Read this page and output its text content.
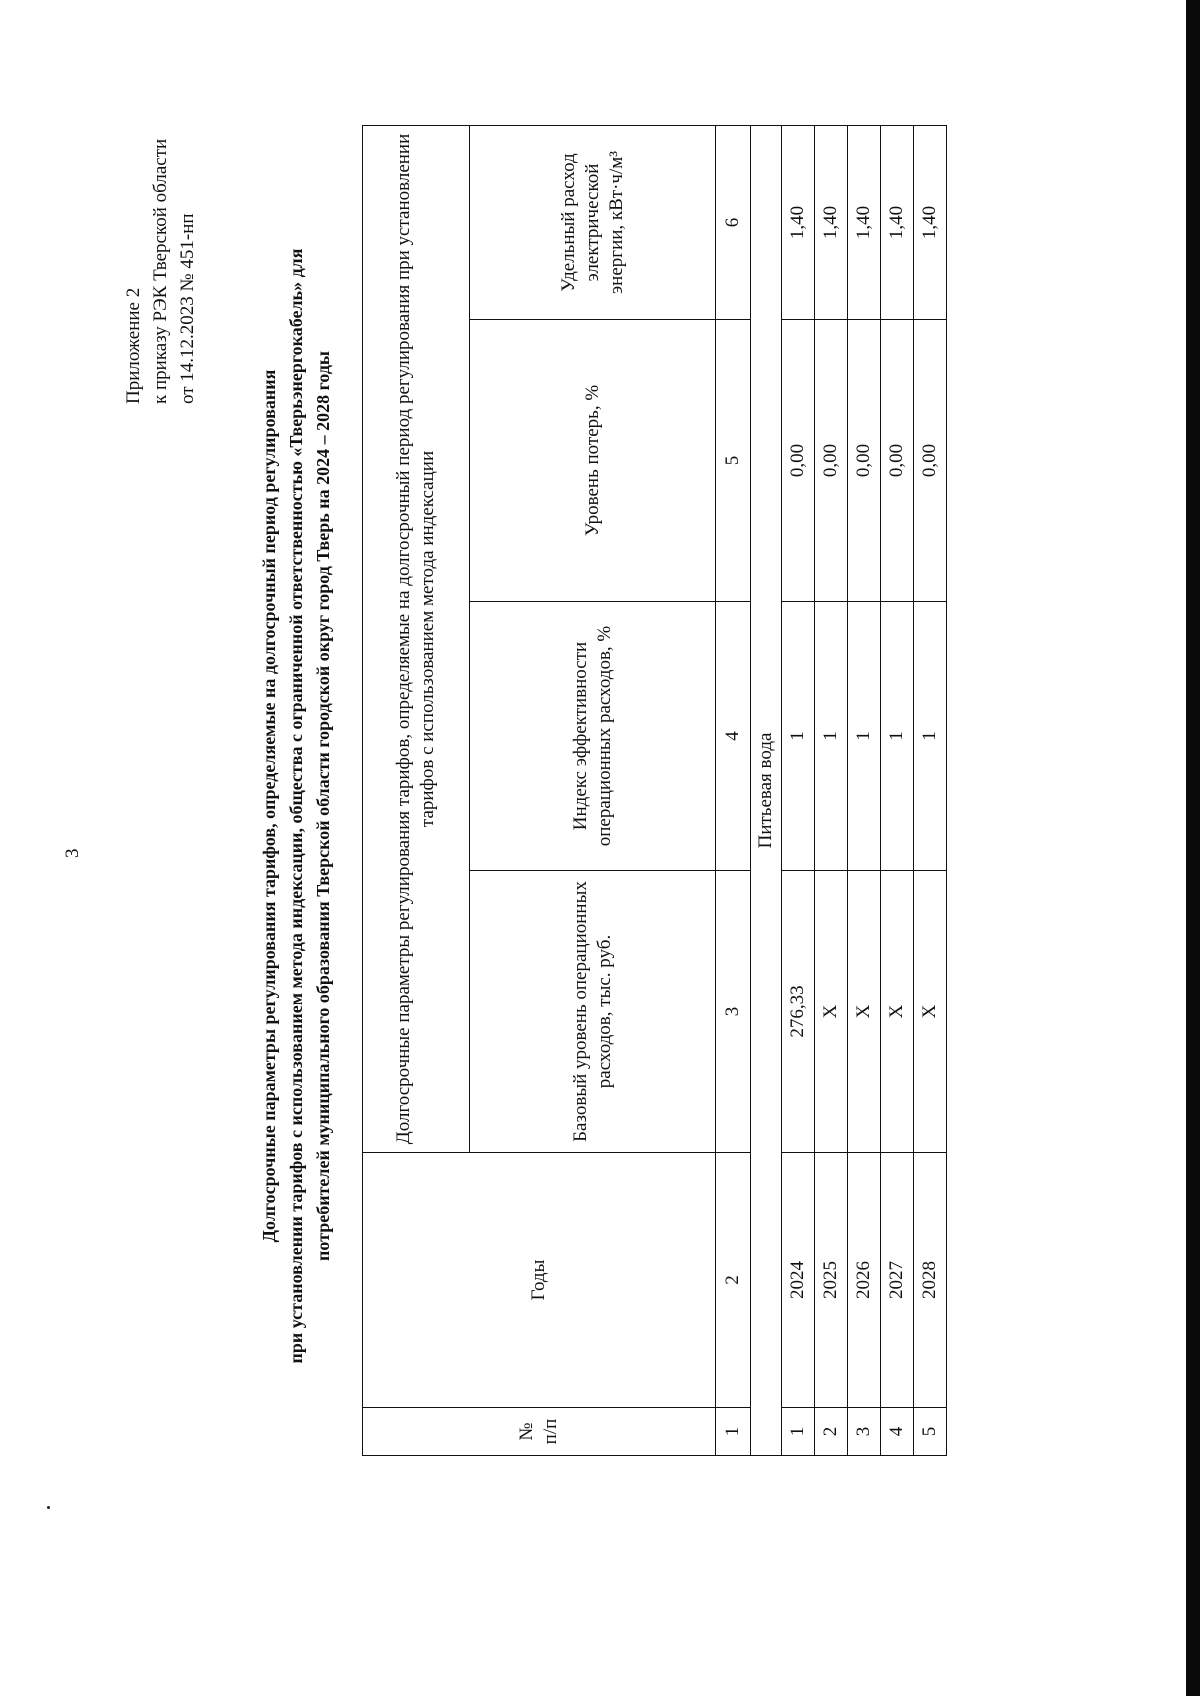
3
Приложение 2 к приказу РЭК Тверской области от 14.12.2023 № 451-нп
Долгосрочные параметры регулирования тарифов, определяемые на долгосрочный период регулирования при установлении тарифов с использованием метода индексации, общества с ограниченной ответственностью «Тверьэнергокабель» для потребителей муниципального образования Тверской области городской округ город Тверь на 2024 – 2028 годы
№ п/п	Годы	Долгосрочные параметры регулирования тарифов, определяемые на долгосрочный период регулирования при установлении тарифов с использованием метода индексации			
		Базовый уровень операционных расходов, тыс. руб.	Индекс эффективности операционных расходов, %	Уровень потерь, %	Удельный расход электрической энергии, кВт·ч/м³
1	2	3	4	5	6
Питьевая вода					
1	2024	276,33	1	0,00	1,40
2	2025	Х	1	0,00	1,40
3	2026	Х	1	0,00	1,40
4	2027	Х	1	0,00	1,40
5	2028	Х	1	0,00	1,40
